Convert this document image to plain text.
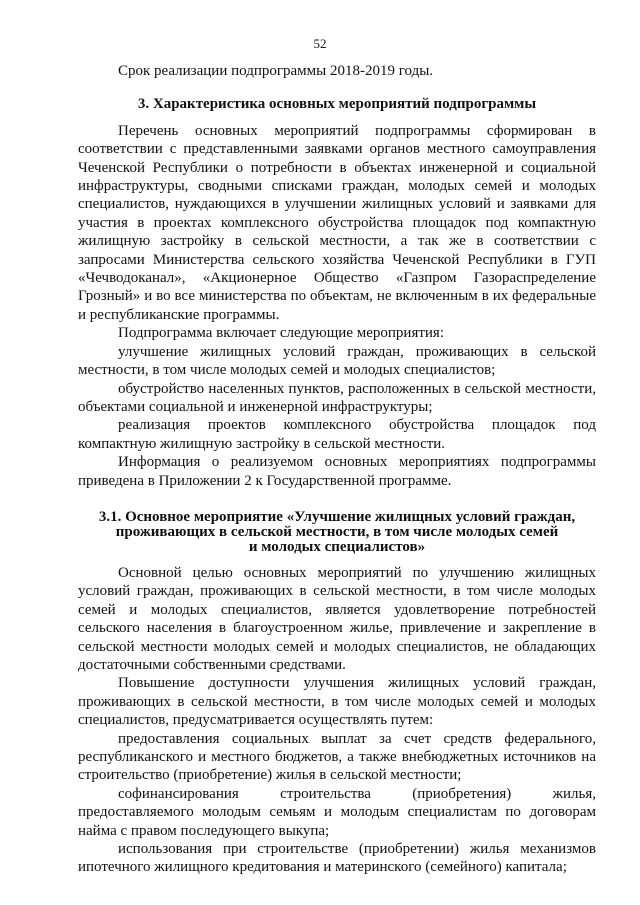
52

Срок реализации подпрограммы 2018-2019 годы.

3. Характеристика основных мероприятий подпрограммы

Перечень основных мероприятий подпрограммы сформирован в соответствии с представленными заявками органов местного самоуправления Чеченской Республики о потребности в объектах инженерной и социальной инфраструктуры, сводными списками граждан, молодых семей и молодых специалистов, нуждающихся в улучшении жилищных условий и заявками для участия в проектах комплексного обустройства площадок под компактную жилищную застройку в сельской местности, а так же в соответствии с запросами Министерства сельского хозяйства Чеченской Республики в ГУП «Чечводоканал», «Акционерное Общество «Газпром Газораспределение Грозный» и во все министерства по объектам, не включенным в их федеральные и республиканские программы.

Подпрограмма включает следующие мероприятия:

улучшение жилищных условий граждан, проживающих в сельской местности, в том числе молодых семей и молодых специалистов;

обустройство населенных пунктов, расположенных в сельской местности, объектами социальной и инженерной инфраструктуры;

реализация проектов комплексного обустройства площадок под компактную жилищную застройку в сельской местности.

Информация о реализуемом основных мероприятиях подпрограммы приведена в Приложении 2 к Государственной программе.

3.1. Основное мероприятие «Улучшение жилищных условий граждан,
проживающих в сельской местности, в том числе молодых семей
и молодых специалистов»

Основной целью основных мероприятий по улучшению жилищных условий граждан, проживающих в сельской местности, в том числе молодых семей и молодых специалистов, является удовлетворение потребностей сельского населения в благоустроенном жилье, привлечение и закрепление в сельской местности молодых семей и молодых специалистов, не обладающих достаточными собственными средствами.

Повышение доступности улучшения жилищных условий граждан, проживающих в сельской местности, в том числе молодых семей и молодых специалистов, предусматривается осуществлять путем:

предоставления социальных выплат за счет средств федерального, республиканского и местного бюджетов, а также внебюджетных источников на строительство (приобретение) жилья в сельской местности;

софинансирования строительства (приобретения) жилья, предоставляемого молодым семьям и молодым специалистам по договорам найма с правом последующего выкупа;

использования при строительстве (приобретении) жилья механизмов ипотечного жилищного кредитования и материнского (семейного) капитала;
